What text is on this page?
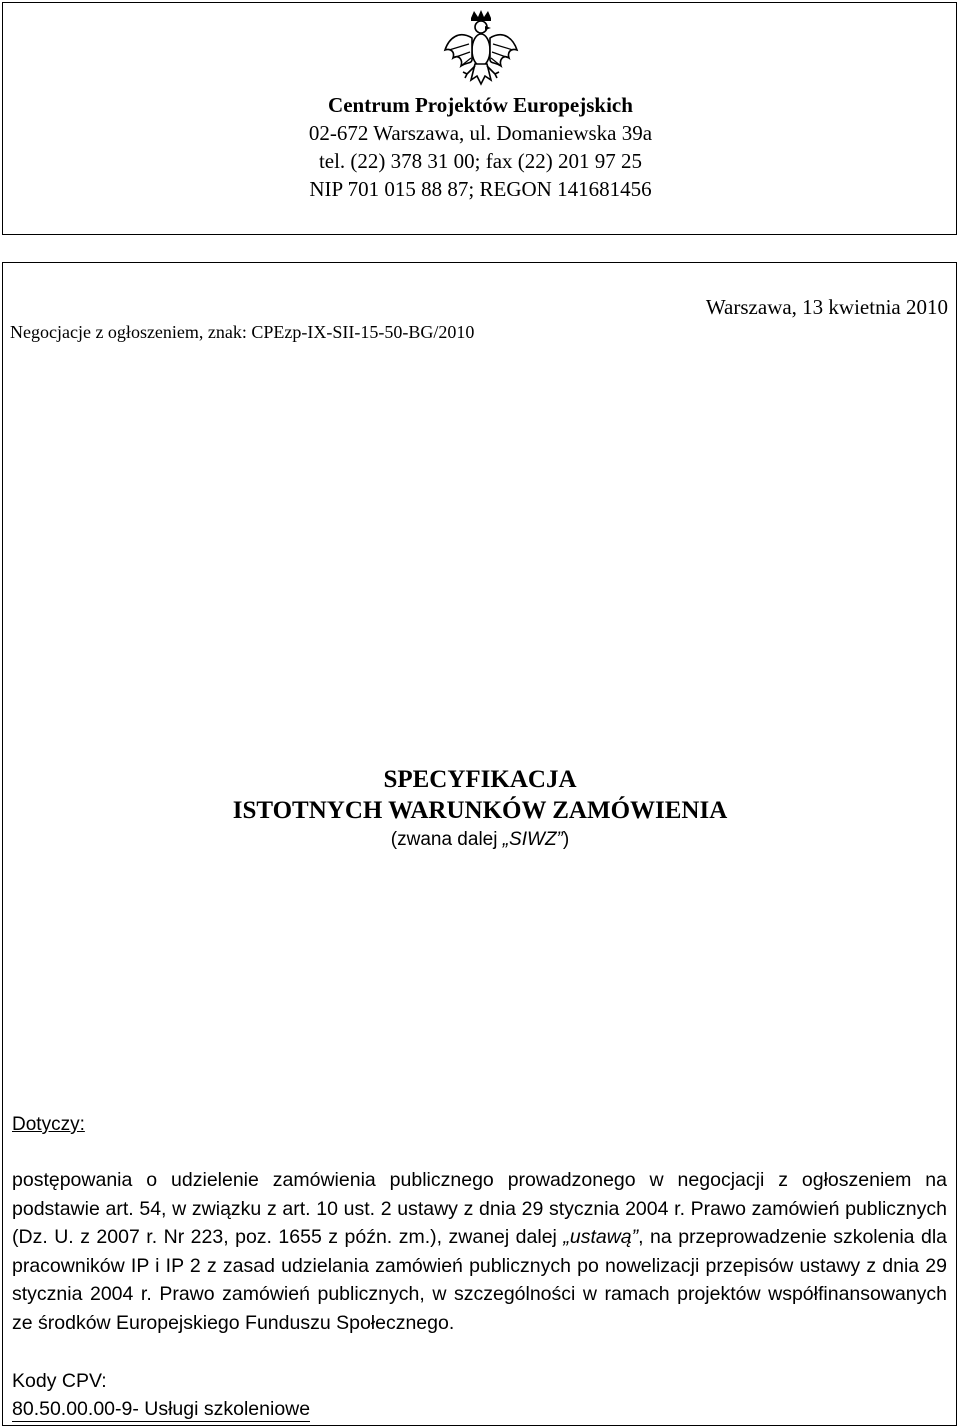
Centrum Projektów Europejskich
02-672 Warszawa, ul. Domaniewska 39a
tel. (22) 378 31 00; fax (22) 201 97 25
NIP 701 015 88 87; REGON 141681456
Warszawa, 13 kwietnia 2010
Negocjacje z ogłoszeniem, znak: CPEzp-IX-SII-15-50-BG/2010
SPECYFIKACJA
ISTOTNYCH WARUNKÓW ZAMÓWIENIA
(zwana dalej „SIWZ”)
Dotyczy:
postępowania o udzielenie zamówienia publicznego prowadzonego w negocjacji z ogłoszeniem na podstawie art. 54, w związku z art. 10 ust. 2 ustawy z dnia 29 stycznia 2004 r. Prawo zamówień publicznych (Dz. U. z 2007 r. Nr 223, poz. 1655 z późn. zm.), zwanej dalej „ustawą”, na przeprowadzenie szkolenia dla pracowników IP i IP 2 z zasad udzielania zamówień publicznych po nowelizacji przepisów ustawy z dnia 29 stycznia 2004 r. Prawo zamówień publicznych, w szczególności w ramach projektów współfinansowanych ze środków Europejskiego Funduszu Społecznego.
Kody CPV:
80.50.00.00-9- Usługi szkoleniowe
